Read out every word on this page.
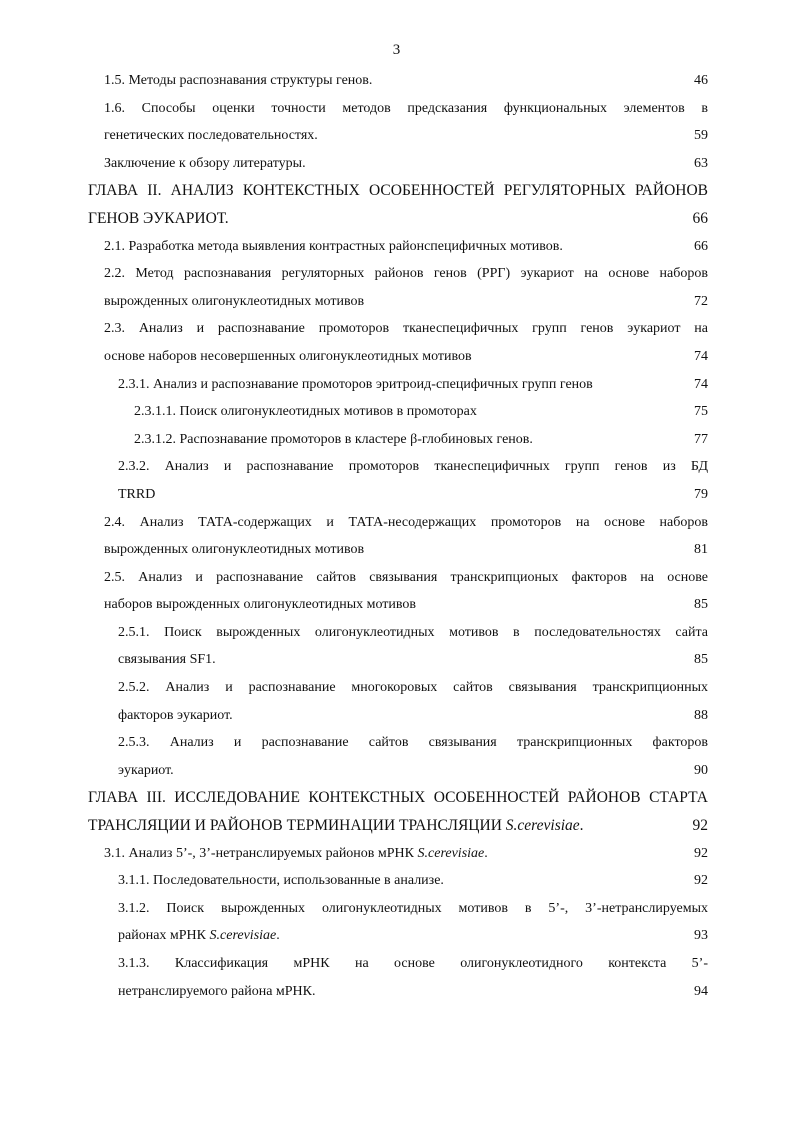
3
1.5. Методы распознавания структуры генов.	46
1.6. Способы оценки точности методов предсказания функциональных элементов в
генетических последовательностях.	59
Заключение к обзору литературы.	63
ГЛАВА II. АНАЛИЗ КОНТЕКСТНЫХ ОСОБЕННОСТЕЙ РЕГУЛЯТОРНЫХ РАЙОНОВ
ГЕНОВ ЭУКАРИОТ.	66
2.1. Разработка метода выявления контрастных районспецифичных мотивов.	66
2.2. Метод распознавания регуляторных районов генов (РРГ) эукариот на основе наборов
вырожденных олигонуклеотидных мотивов	72
2.3. Анализ и распознавание промоторов тканеспецифичных групп генов эукариот на
основе наборов несовершенных олигонуклеотидных мотивов	74
2.3.1. Анализ и распознавание промоторов эритроид-специфичных групп генов	74
2.3.1.1. Поиск олигонуклеотидных мотивов в промоторах	75
2.3.1.2. Распознавание промоторов в кластере β-глобиновых генов.	77
2.3.2. Анализ и распознавание промоторов тканеспецифичных групп генов из БД
TRRD	79
2.4. Анализ ТАТА-содержащих и ТАТА-несодержащих промоторов на основе наборов
вырожденных олигонуклеотидных мотивов	81
2.5. Анализ и распознавание сайтов связывания транскрипционых факторов на основе
наборов вырожденных олигонуклеотидных мотивов	85
2.5.1. Поиск вырожденных олигонуклеотидных мотивов в последовательностях сайта
связывания SF1.	85
2.5.2. Анализ и распознавание многокоровых сайтов связывания транскрипционных
факторов эукариот.	88
2.5.3. Анализ и распознавание сайтов связывания транскрипционных факторов
эукариот.	90
ГЛАВА III. ИССЛЕДОВАНИЕ КОНТЕКСТНЫХ ОСОБЕННОСТЕЙ РАЙОНОВ СТАРТА
ТРАНСЛЯЦИИ И РАЙОНОВ ТЕРМИНАЦИИ ТРАНСЛЯЦИИ S.cerevisiae.	92
3.1. Анализ 5’-, 3’-нетранслируемых районов мРНК S.cerevisiae.	92
3.1.1. Последовательности, использованные в анализе.	92
3.1.2. Поиск вырожденных олигонуклеотидных мотивов в 5’-, 3’-нетранслируемых
районах мРНК S.cerevisiae.	93
3.1.3. Классификация мРНК на основе олигонуклеотидного контекста 5’-
нетранслируемого района мРНК.	94
